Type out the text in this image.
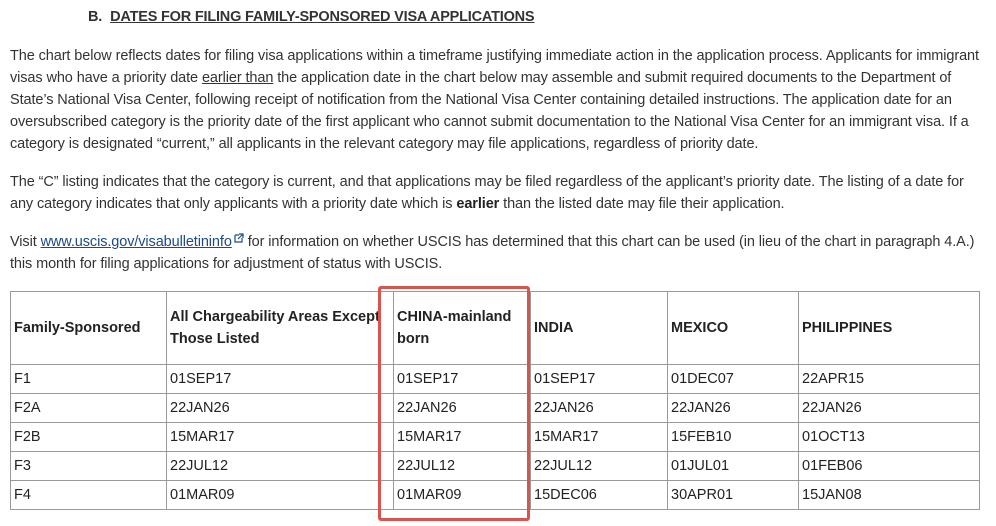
B. DATES FOR FILING FAMILY-SPONSORED VISA APPLICATIONS

The chart below reflects dates for filing visa applications within a timeframe justifying immediate action in the application process. Applicants for immigrant visas who have a priority date earlier than the application date in the chart below may assemble and submit required documents to the Department of State’s National Visa Center, following receipt of notification from the National Visa Center containing detailed instructions. The application date for an oversubscribed category is the priority date of the first applicant who cannot submit documentation to the National Visa Center for an immigrant visa. If a category is designated “current,” all applicants in the relevant category may file applications, regardless of priority date.

The “C” listing indicates that the category is current, and that applications may be filed regardless of the applicant’s priority date. The listing of a date for any category indicates that only applicants with a priority date which is earlier than the listed date may file their application.

Visit www.uscis.gov/visabulletininfo for information on whether USCIS has determined that this chart can be used (in lieu of the chart in paragraph 4.A.) this month for filing applications for adjustment of status with USCIS.

Family-Sponsored	All Chargeability Areas Except Those Listed	CHINA-mainland born	INDIA	MEXICO	PHILIPPINES
F1	01SEP17	01SEP17	01SEP17	01DEC07	22APR15
F2A	22JAN26	22JAN26	22JAN26	22JAN26	22JAN26
F2B	15MAR17	15MAR17	15MAR17	15FEB10	01OCT13
F3	22JUL12	22JUL12	22JUL12	01JUL01	01FEB06
F4	01MAR09	01MAR09	15DEC06	30APR01	15JAN08
